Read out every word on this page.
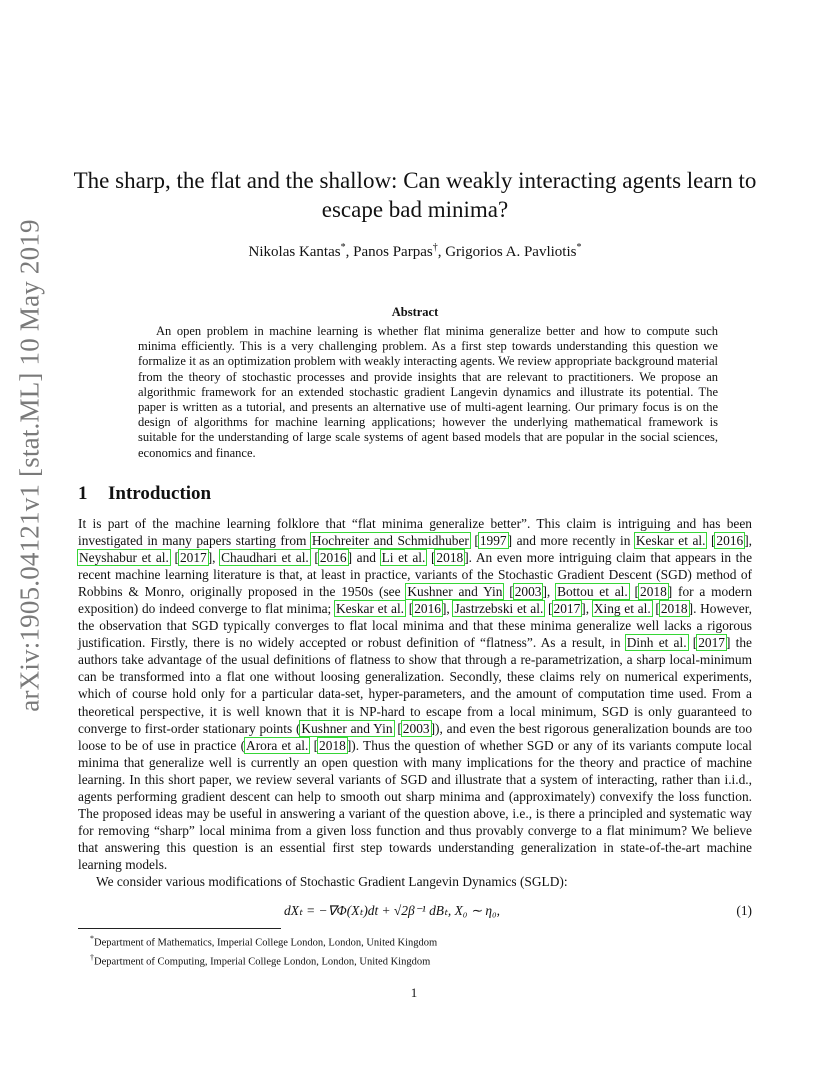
arXiv:1905.04121v1 [stat.ML] 10 May 2019
The sharp, the flat and the shallow: Can weakly interacting agents learn to escape bad minima?
Nikolas Kantas*, Panos Parpas†, Grigorios A. Pavliotis*
Abstract
An open problem in machine learning is whether flat minima generalize better and how to compute such minima efficiently. This is a very challenging problem. As a first step towards understanding this question we formalize it as an optimization problem with weakly interacting agents. We review appropriate background material from the theory of stochastic processes and provide insights that are relevant to practitioners. We propose an algorithmic framework for an extended stochastic gradient Langevin dynamics and illustrate its potential. The paper is written as a tutorial, and presents an alternative use of multi-agent learning. Our primary focus is on the design of algorithms for machine learning applications; however the underlying mathematical framework is suitable for the understanding of large scale systems of agent based models that are popular in the social sciences, economics and finance.
1 Introduction

It is part of the machine learning folklore that “flat minima generalize better”. This claim is intriguing and has been investigated in many papers starting from Hochreiter and Schmidhuber [1997] and more recently in Keskar et al. [2016], Neyshabur et al. [2017], Chaudhari et al. [2016] and Li et al. [2018]. An even more intriguing claim that appears in the recent machine learning literature is that, at least in practice, variants of the Stochastic Gradient Descent (SGD) method of Robbins & Monro, originally proposed in the 1950s (see Kushner and Yin [2003], Bottou et al. [2018] for a modern exposition) do indeed converge to flat minima; Keskar et al. [2016], Jastrzebski et al. [2017], Xing et al. [2018]. However, the observation that SGD typically converges to flat local minima and that these minima generalize well lacks a rigorous justification. Firstly, there is no widely accepted or robust definition of “flatness”. As a result, in Dinh et al. [2017] the authors take advantage of the usual definitions of flatness to show that through a re-parametrization, a sharp local-minimum can be transformed into a flat one without loosing generalization. Secondly, these claims rely on numerical experiments, which of course hold only for a particular data-set, hyper-parameters, and the amount of computation time used. From a theoretical perspective, it is well known that it is NP-hard to escape from a local minimum, SGD is only guaranteed to converge to first-order stationary points (Kushner and Yin [2003]), and even the best rigorous generalization bounds are too loose to be of use in practice (Arora et al. [2018]). Thus the question of whether SGD or any of its variants compute local minima that generalize well is currently an open question with many implications for the theory and practice of machine learning. In this short paper, we review several variants of SGD and illustrate that a system of interacting, rather than i.i.d., agents performing gradient descent can help to smooth out sharp minima and (approximately) convexify the loss function. The proposed ideas may be useful in answering a variant of the question above, i.e., is there a principled and systematic way for removing “sharp” local minima from a given loss function and thus provably converge to a flat minimum? We believe that answering this question is an essential first step towards understanding generalization in state-of-the-art machine learning models.

We consider various modifications of Stochastic Gradient Langevin Dynamics (SGLD):

dXₜ = −∇Φ(Xₜ)dt + √2β⁻¹ dBₜ, X₀ ∼ η₀,	(1)
*Department of Mathematics, Imperial College London, London, United Kingdom
†Department of Computing, Imperial College London, London, United Kingdom
1
